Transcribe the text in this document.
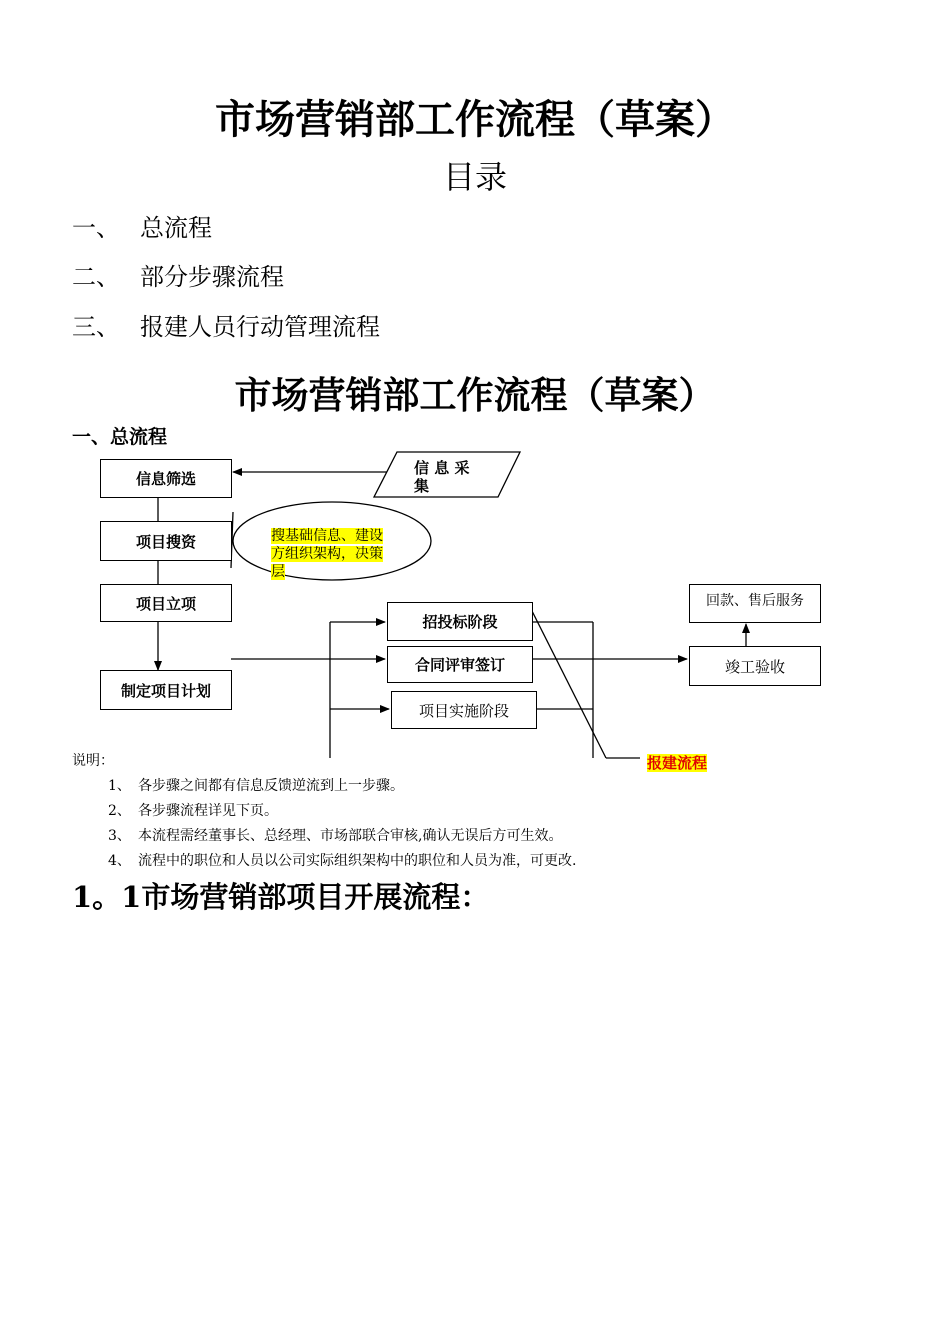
市场营销部工作流程（草案）
目录
一、 总流程
二、 部分步骤流程
三、 报建人员行动管理流程
市场营销部工作流程（草案）
一、总流程
信息筛选
信 息 采
集
项目搜资	搜基础信息、建设
方组织架构，决策
层
项目立项
制定项目计划
招投标阶段
合同评审签订
项目实施阶段
回款、售后服务
竣工验收
报建流程
说明：
1、 各步骤之间都有信息反馈逆流到上一步骤。
2、 各步骤流程详见下页。
3、 本流程需经董事长、总经理、市场部联合审核,确认无误后方可生效。
4、 流程中的职位和人员以公司实际组织架构中的职位和人员为准，可更改.
1。1市场营销部项目开展流程：
